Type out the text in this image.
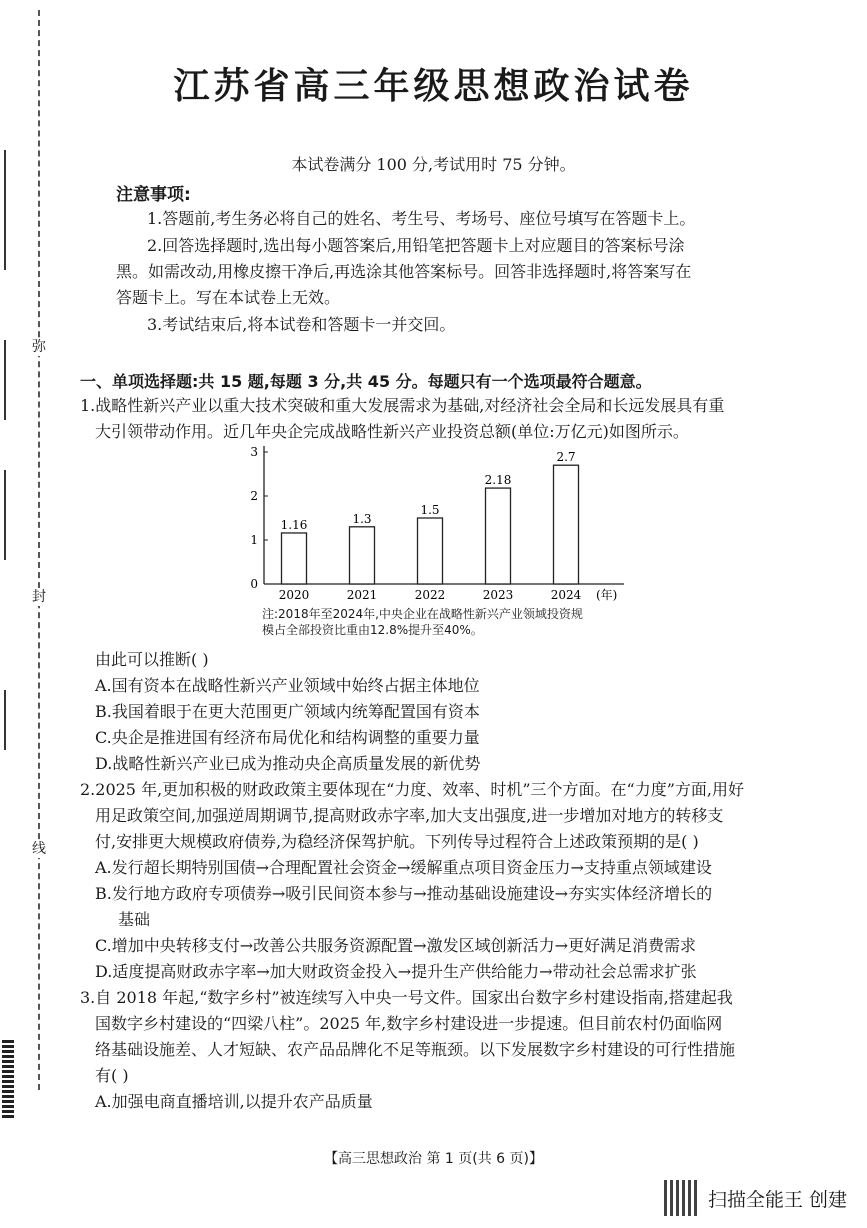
弥
封
线
江苏省高三年级思想政治试卷
本试卷满分 100 分,考试用时 75 分钟。
注意事项:
1.答题前,考生务必将自己的姓名、考生号、考场号、座位号填写在答题卡上。
2.回答选择题时,选出每小题答案后,用铅笔把答题卡上对应题目的答案标号涂
黑。如需改动,用橡皮擦干净后,再选涂其他答案标号。回答非选择题时,将答案写在
答题卡上。写在本试卷上无效。
3.考试结束后,将本试卷和答题卡一并交回。
一、单项选择题:共 15 题,每题 3 分,共 45 分。每题只有一个选项最符合题意。
1.战略性新兴产业以重大技术突破和重大发展需求为基础,对经济社会全局和长远发展具有重
大引领带动作用。近几年央企完成战略性新兴产业投资总额(单位:万亿元)如图所示。
0
1
2
3
(年)
1.16
2020
1.3
2021
1.5
2022
2.18
2023
2.7
2024
注:2018年至2024年,中央企业在战略性新兴产业领域投资规
模占全部投资比重由12.8%提升至40%。
由此可以推断( )
A.国有资本在战略性新兴产业领域中始终占据主体地位
B.我国着眼于在更大范围更广领域内统筹配置国有资本
C.央企是推进国有经济布局优化和结构调整的重要力量
D.战略性新兴产业已成为推动央企高质量发展的新优势
2.2025 年,更加积极的财政政策主要体现在“力度、效率、时机”三个方面。在“力度”方面,用好
用足政策空间,加强逆周期调节,提高财政赤字率,加大支出强度,进一步增加对地方的转移支
付,安排更大规模政府债券,为稳经济保驾护航。下列传导过程符合上述政策预期的是( )
A.发行超长期特别国债→合理配置社会资金→缓解重点项目资金压力→支持重点领域建设
B.发行地方政府专项债券→吸引民间资本参与→推动基础设施建设→夯实实体经济增长的
基础
C.增加中央转移支付→改善公共服务资源配置→激发区域创新活力→更好满足消费需求
D.适度提高财政赤字率→加大财政资金投入→提升生产供给能力→带动社会总需求扩张
3.自 2018 年起,“数字乡村”被连续写入中央一号文件。国家出台数字乡村建设指南,搭建起我
国数字乡村建设的“四梁八柱”。2025 年,数字乡村建设进一步提速。但目前农村仍面临网
络基础设施差、人才短缺、农产品品牌化不足等瓶颈。以下发展数字乡村建设的可行性措施
有( )
A.加强电商直播培训,以提升农产品质量
【高三思想政治 第 1 页(共 6 页)】
扫描全能王 创建
